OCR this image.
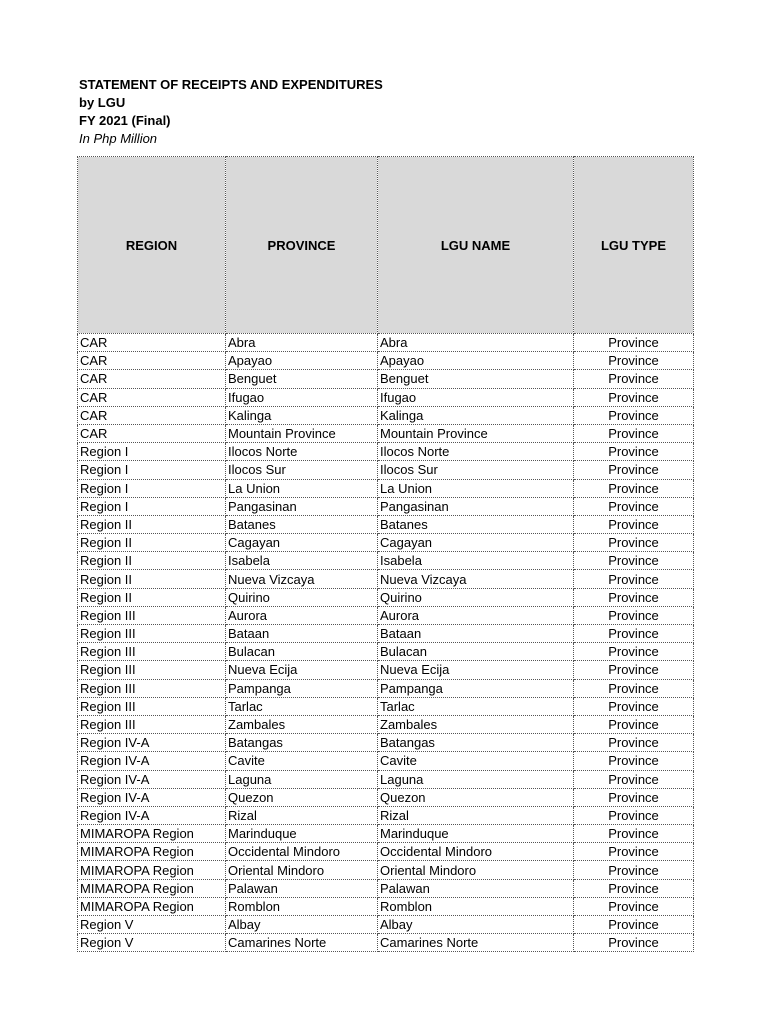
STATEMENT OF RECEIPTS AND EXPENDITURES
by LGU
FY 2021 (Final)
In Php Million
REGION	PROVINCE	LGU NAME	LGU TYPE
CAR	Abra	Abra	Province
CAR	Apayao	Apayao	Province
CAR	Benguet	Benguet	Province
CAR	Ifugao	Ifugao	Province
CAR	Kalinga	Kalinga	Province
CAR	Mountain Province	Mountain Province	Province
Region I	Ilocos Norte	Ilocos Norte	Province
Region I	Ilocos Sur	Ilocos Sur	Province
Region I	La Union	La Union	Province
Region I	Pangasinan	Pangasinan	Province
Region II	Batanes	Batanes	Province
Region II	Cagayan	Cagayan	Province
Region II	Isabela	Isabela	Province
Region II	Nueva Vizcaya	Nueva Vizcaya	Province
Region II	Quirino	Quirino	Province
Region III	Aurora	Aurora	Province
Region III	Bataan	Bataan	Province
Region III	Bulacan	Bulacan	Province
Region III	Nueva Ecija	Nueva Ecija	Province
Region III	Pampanga	Pampanga	Province
Region III	Tarlac	Tarlac	Province
Region III	Zambales	Zambales	Province
Region IV-A	Batangas	Batangas	Province
Region IV-A	Cavite	Cavite	Province
Region IV-A	Laguna	Laguna	Province
Region IV-A	Quezon	Quezon	Province
Region IV-A	Rizal	Rizal	Province
MIMAROPA Region	Marinduque	Marinduque	Province
MIMAROPA Region	Occidental Mindoro	Occidental Mindoro	Province
MIMAROPA Region	Oriental Mindoro	Oriental Mindoro	Province
MIMAROPA Region	Palawan	Palawan	Province
MIMAROPA Region	Romblon	Romblon	Province
Region V	Albay	Albay	Province
Region V	Camarines Norte	Camarines Norte	Province
